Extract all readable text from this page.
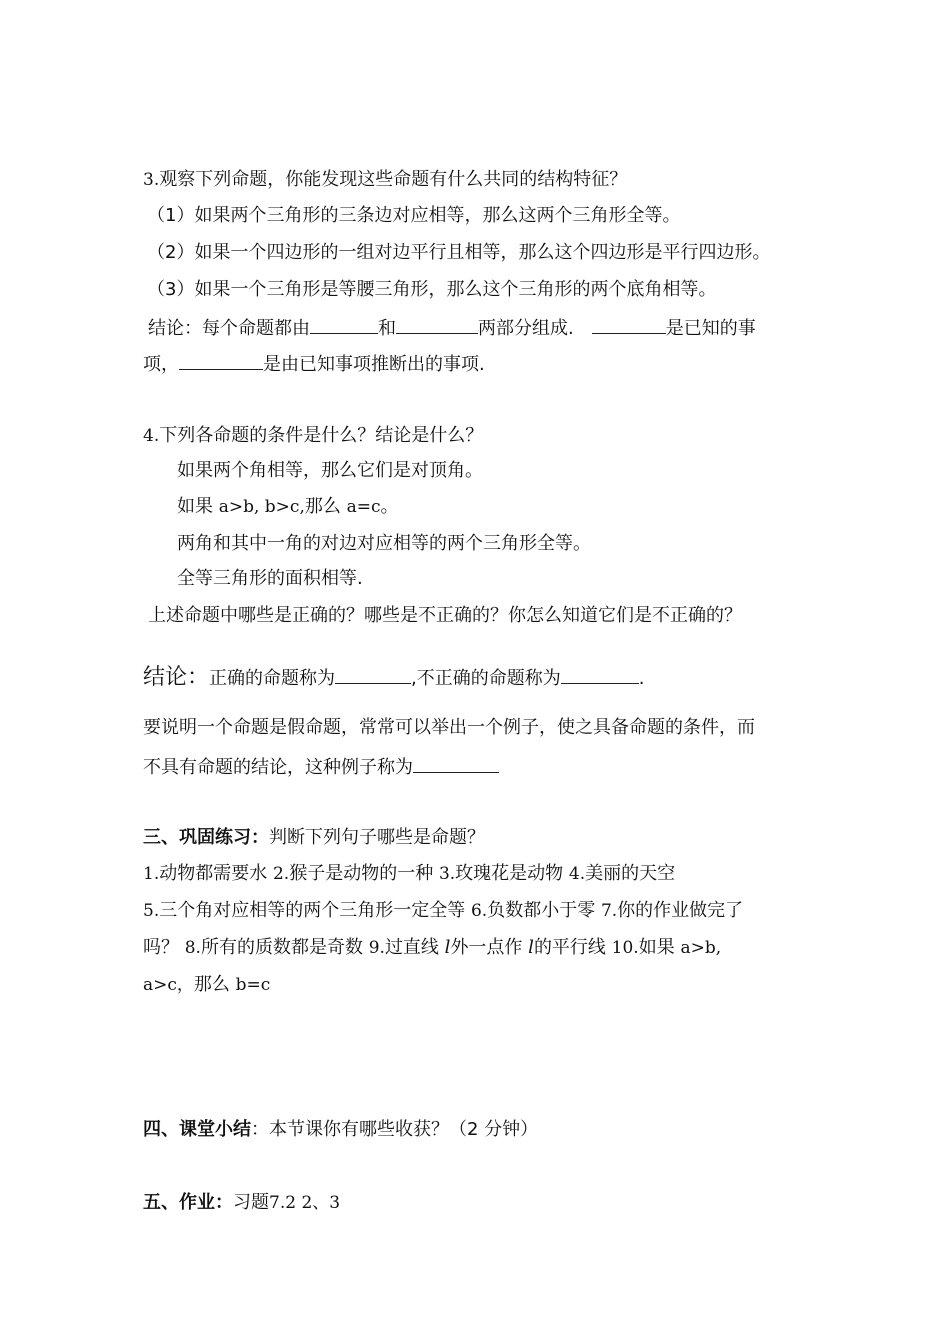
3.观察下列命题，你能发现这些命题有什么共同的结构特征？
（1）如果两个三角形的三条边对应相等，那么这两个三角形全等。
（2）如果一个四边形的一组对边平行且相等，那么这个四边形是平行四边形。
（3）如果一个三角形是等腰三角形，那么这个三角形的两个底角相等。
结论：每个命题都由	和	两部分组成.	是已知的事
项，	是由已知事项推断出的事项.
4.下列各命题的条件是什么？结论是什么？
如果两个角相等，那么它们是对顶角。
如果 a>b, b>c,那么 a=c。
两角和其中一角的对边对应相等的两个三角形全等。
全等三角形的面积相等.
上述命题中哪些是正确的？哪些是不正确的？你怎么知道它们是不正确的？
结论：正确的命题称为	,不正确的命题称为	.
要说明一个命题是假命题，常常可以举出一个例子，使之具备命题的条件，而
不具有命题的结论，这种例子称为
三、巩固练习：判断下列句子哪些是命题？
1.动物都需要水 2.猴子是动物的一种 3.玫瑰花是动物 4.美丽的天空
5.三个角对应相等的两个三角形一定全等 6.负数都小于零 7.你的作业做完了
吗？ 8.所有的质数都是奇数 9.过直线 l外一点作 l的平行线 10.如果 a>b,
a>c，那么 b=c
四、课堂小结：本节课你有哪些收获？（2 分钟）
五、作业：习题7.2 2、3
